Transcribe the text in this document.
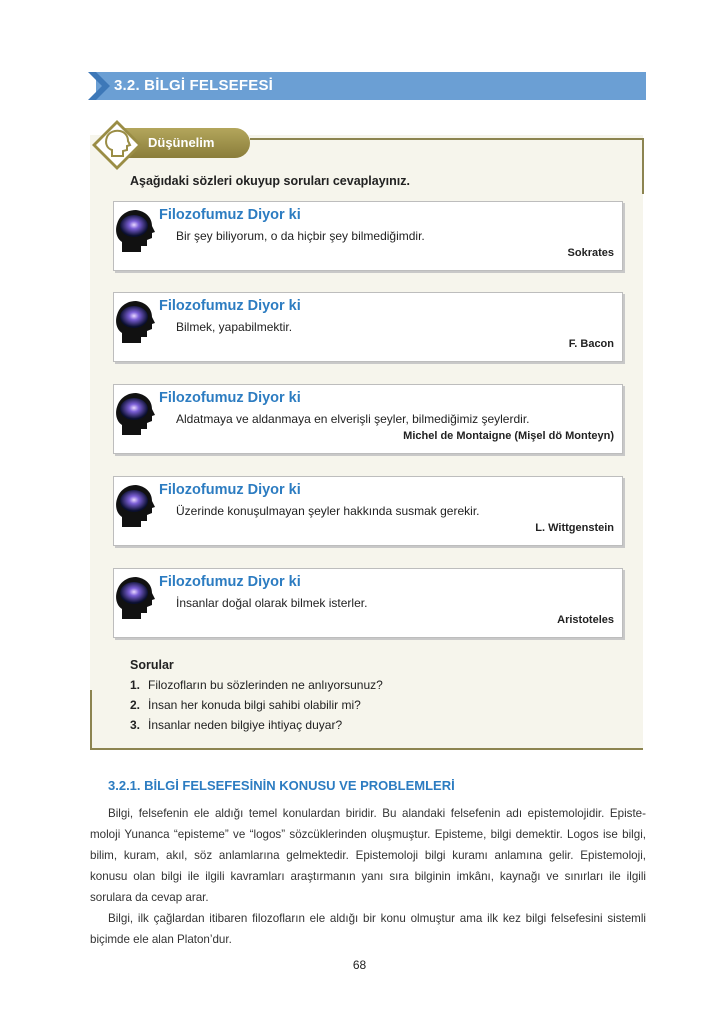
3.2. BİLGİ FELSEFESİ
Düşünelim
Aşağıdaki sözleri okuyup soruları cevaplayınız.
Filozofumuz Diyor ki
Bir şey biliyorum, o da hiçbir şey bilmediğimdir.
Sokrates
Filozofumuz Diyor ki
Bilmek, yapabilmektir.
F. Bacon
Filozofumuz Diyor ki
Aldatmaya ve aldanmaya en elverişli şeyler, bilmediğimiz şeylerdir.
Michel de Montaigne (Mişel dö Monteyn)
Filozofumuz Diyor ki
Üzerinde konuşulmayan şeyler hakkında susmak gerekir.
L. Wittgenstein
Filozofumuz Diyor ki
İnsanlar doğal olarak bilmek isterler.
Aristoteles
Sorular
1. Filozofların bu sözlerinden ne anlıyorsunuz?
2. İnsan her konuda bilgi sahibi olabilir mi?
3. İnsanlar neden bilgiye ihtiyaç duyar?
3.2.1. BİLGİ FELSEFESİNİN KONUSU VE PROBLEMLERİ
Bilgi, felsefenin ele aldığı temel konulardan biridir. Bu alandaki felsefenin adı epistemolojidir. Episte-moloji Yunanca “episteme” ve “logos” sözcüklerinden oluşmuştur. Episteme, bilgi demektir. Logos ise bilgi, bilim, kuram, akıl, söz anlamlarına gelmektedir. Epistemoloji bilgi kuramı anlamına gelir. Epistemoloji, konusu olan bilgi ile ilgili kavramları araştırmanın yanı sıra bilginin imkânı, kaynağı ve sınırları ile ilgili sorulara da cevap arar.
Bilgi, ilk çağlardan itibaren filozofların ele aldığı bir konu olmuştur ama ilk kez bilgi felsefesini sistemli biçimde ele alan Platon’dur.
68
